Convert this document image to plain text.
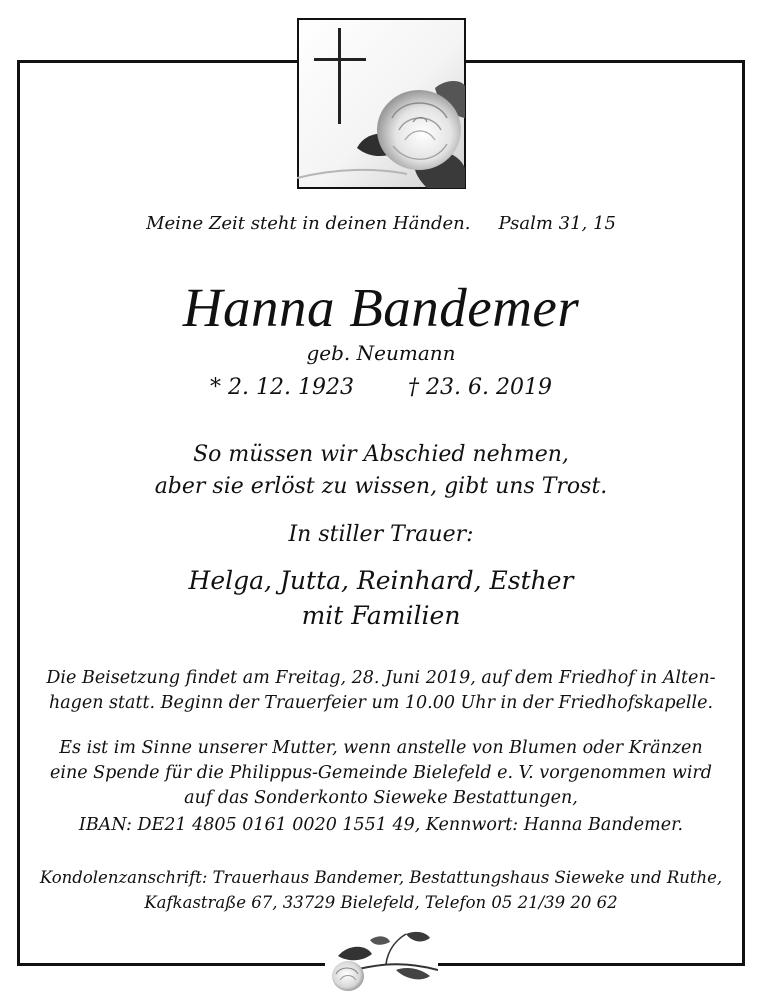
Meine Zeit steht in deinen Händen. Psalm 31, 15
Hanna Bandemer
geb. Neumann
* 2. 12. 1923 † 23. 6. 2019
So müssen wir Abschied nehmen,
aber sie erlöst zu wissen, gibt uns Trost.
In stiller Trauer:
Helga, Jutta, Reinhard, Esther
mit Familien
Die Beisetzung findet am Freitag, 28. Juni 2019, auf dem Friedhof in Alten-
hagen statt. Beginn der Trauerfeier um 10.00 Uhr in der Friedhofskapelle.
Es ist im Sinne unserer Mutter, wenn anstelle von Blumen oder Kränzen
eine Spende für die Philippus-Gemeinde Bielefeld e. V. vorgenommen wird
auf das Sonderkonto Sieweke Bestattungen,
IBAN: DE21 4805 0161 0020 1551 49, Kennwort: Hanna Bandemer.
Kondolenzanschrift: Trauerhaus Bandemer, Bestattungshaus Sieweke und Ruthe,
Kafkastraße 67, 33729 Bielefeld, Telefon 05 21/39 20 62
